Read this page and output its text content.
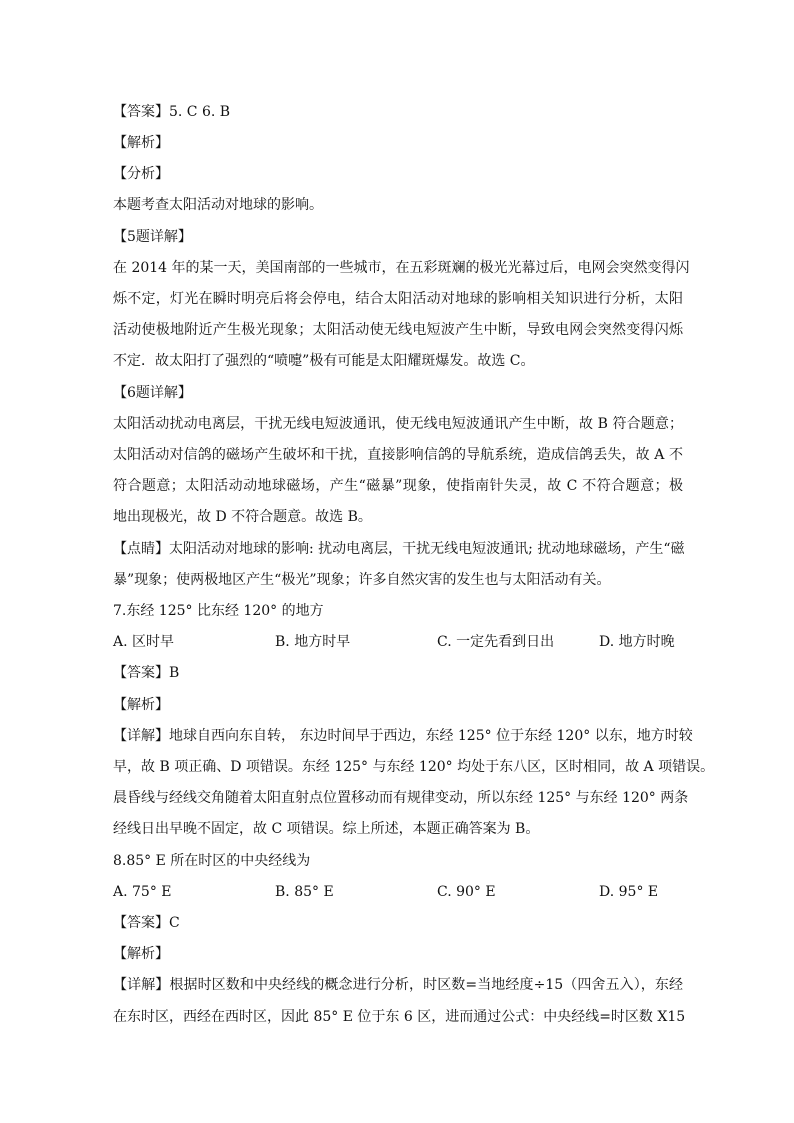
【答案】5. C 6. B
【解析】
【分析】
本题考查太阳活动对地球的影响。
【5题详解】
在 2014 年的某一天，美国南部的一些城市，在五彩斑斓的极光光幕过后，电网会突然变得闪
烁不定，灯光在瞬时明亮后将会停电，结合太阳活动对地球的影响相关知识进行分析，太阳
活动使极地附近产生极光现象；太阳活动使无线电短波产生中断，导致电网会突然变得闪烁
不定．故太阳打了强烈的“喷嚏”极有可能是太阳耀斑爆发。故选 C。
【6题详解】
太阳活动扰动电离层，干扰无线电短波通讯，使无线电短波通讯产生中断，故 B 符合题意；
太阳活动对信鸽的磁场产生破坏和干扰，直接影响信鸽的导航系统，造成信鸽丢失，故 A 不
符合题意；太阳活动动地球磁场，产生“磁暴”现象，使指南针失灵，故 C 不符合题意；极
地出现极光，故 D 不符合题意。故选 B。
【点睛】太阳活动对地球的影响: 扰动电离层，干扰无线电短波通讯; 扰动地球磁场，产生“磁
暴”现象；使两极地区产生“极光”现象；许多自然灾害的发生也与太阳活动有关。
7.东经 125° 比东经 120° 的地方
A. 区时早	B. 地方时早	C. 一定先看到日出	D. 地方时晚
【答案】B
【解析】
【详解】地球自西向东自转， 东边时间早于西边，东经 125° 位于东经 120° 以东，地方时较
早，故 B 项正确、D 项错误。东经 125° 与东经 120° 均处于东八区，区时相同，故 A 项错误。
晨昏线与经线交角随着太阳直射点位置移动而有规律变动，所以东经 125° 与东经 120° 两条
经线日出早晚不固定，故 C 项错误。综上所述，本题正确答案为 B。
8.85° E 所在时区的中央经线为
A. 75° E	B. 85° E	C. 90° E	D. 95° E
【答案】C
【解析】
【详解】根据时区数和中央经线的概念进行分析，时区数=当地经度÷15（四舍五入），东经
在东时区，西经在西时区，因此 85° E 位于东 6 区，进而通过公式：中央经线=时区数 X15
